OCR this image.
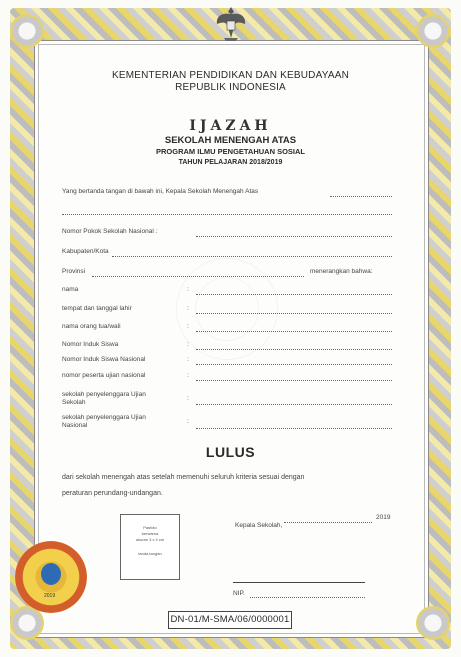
KEMENTERIAN PENDIDIKAN DAN KEBUDAYAAN
REPUBLIK INDONESIA
IJAZAH
SEKOLAH MENENGAH ATAS
PROGRAM ILMU PENGETAHUAN SOSIAL
TAHUN PELAJARAN 2018/2019
Yang bertanda tangan di bawah ini, Kepala Sekolah Menengah Atas
Nomor Pokok Sekolah Nasional :
Kabupaten/Kota
Provinsi	menerangkan bahwa:
nama
tempat dan tanggal lahir
nama orang tua/wali
Nomor Induk Siswa
Nomor Induk Siswa Nasional
nomor peserta ujian nasional
sekolah penyelenggara Ujian
Sekolah
sekolah penyelenggara Ujian
Nasional
:
:
:
:
:
:
:
:
LULUS
dari sekolah menengah atas setelah memenuhi seluruh kriteria sesuai dengan
peraturan perundang-undangan.
Pasfoto
berwarna
ukuran 3 x 4 cm
tanda tangan
2019
Kepala Sekolah,
NIP.
2019
DN-01/M-SMA/06/0000001
